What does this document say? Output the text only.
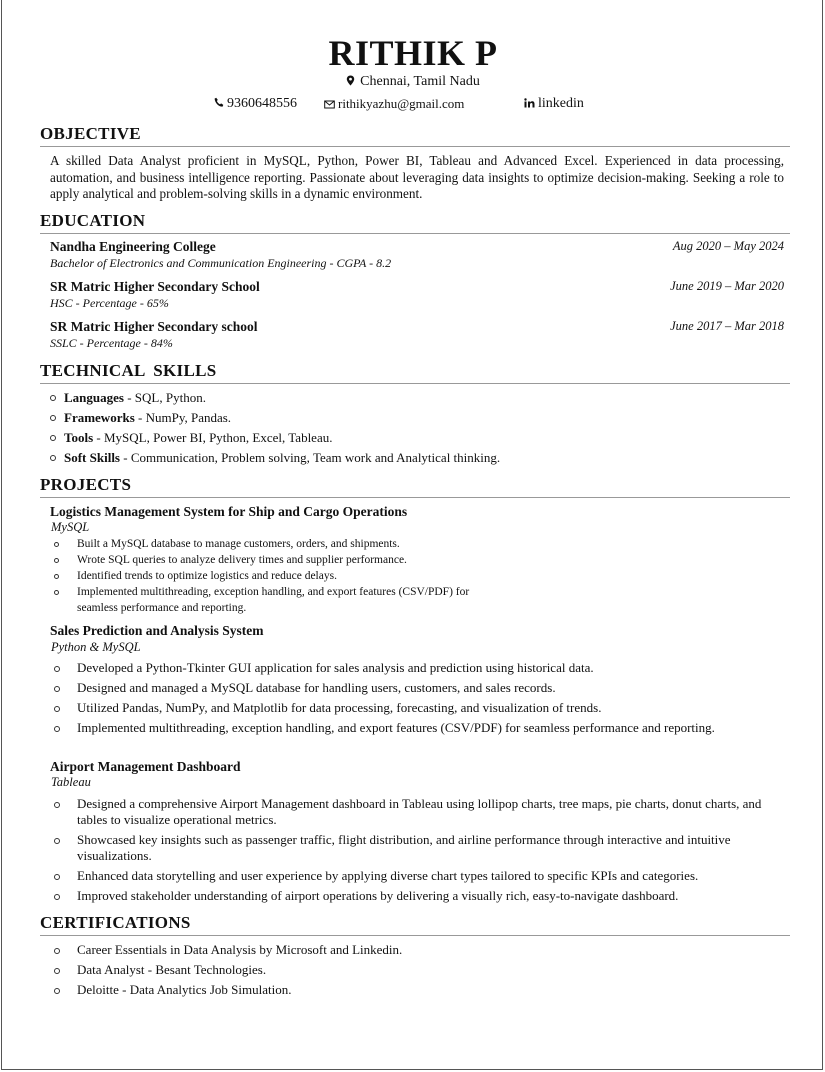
RITHIK P
Chennai, Tamil Nadu
9360648556	rithikyazhu@gmail.com	linkedin
OBJECTIVE
A skilled Data Analyst proficient in MySQL, Python, Power BI, Tableau and Advanced Excel. Experienced in data processing, automation, and business intelligence reporting. Passionate about leveraging data insights to optimize decision-making. Seeking a role to apply analytical and problem-solving skills in a dynamic environment.
EDUCATION
Nandha Engineering College	Aug 2020 – May 2024
Bachelor of Electronics and Communication Engineering - CGPA - 8.2
SR Matric Higher Secondary School	June 2019 – Mar 2020
HSC - Percentage - 65%
SR Matric Higher Secondary school	June 2017 – Mar 2018
SSLC - Percentage - 84%
TECHNICAL SKILLS
Languages - SQL, Python.
Frameworks - NumPy, Pandas.
Tools - MySQL, Power BI, Python, Excel, Tableau.
Soft Skills - Communication, Problem solving, Team work and Analytical thinking.
PROJECTS
Logistics Management System for Ship and Cargo Operations
MySQL
Built a MySQL database to manage customers, orders, and shipments.
Wrote SQL queries to analyze delivery times and supplier performance.
Identified trends to optimize logistics and reduce delays.
Implemented multithreading, exception handling, and export features (CSV/PDF) for seamless performance and reporting.
Sales Prediction and Analysis System
Python & MySQL
Developed a Python-Tkinter GUI application for sales analysis and prediction using historical data.
Designed and managed a MySQL database for handling users, customers, and sales records.
Utilized Pandas, NumPy, and Matplotlib for data processing, forecasting, and visualization of trends.
Implemented multithreading, exception handling, and export features (CSV/PDF) for seamless performance and reporting.
Airport Management Dashboard
Tableau
Designed a comprehensive Airport Management dashboard in Tableau using lollipop charts, tree maps, pie charts, donut charts, and tables to visualize operational metrics.
Showcased key insights such as passenger traffic, flight distribution, and airline performance through interactive and intuitive visualizations.
Enhanced data storytelling and user experience by applying diverse chart types tailored to specific KPIs and categories.
Improved stakeholder understanding of airport operations by delivering a visually rich, easy-to-navigate dashboard.
CERTIFICATIONS
Career Essentials in Data Analysis by Microsoft and Linkedin.
Data Analyst - Besant Technologies.
Deloitte - Data Analytics Job Simulation.
